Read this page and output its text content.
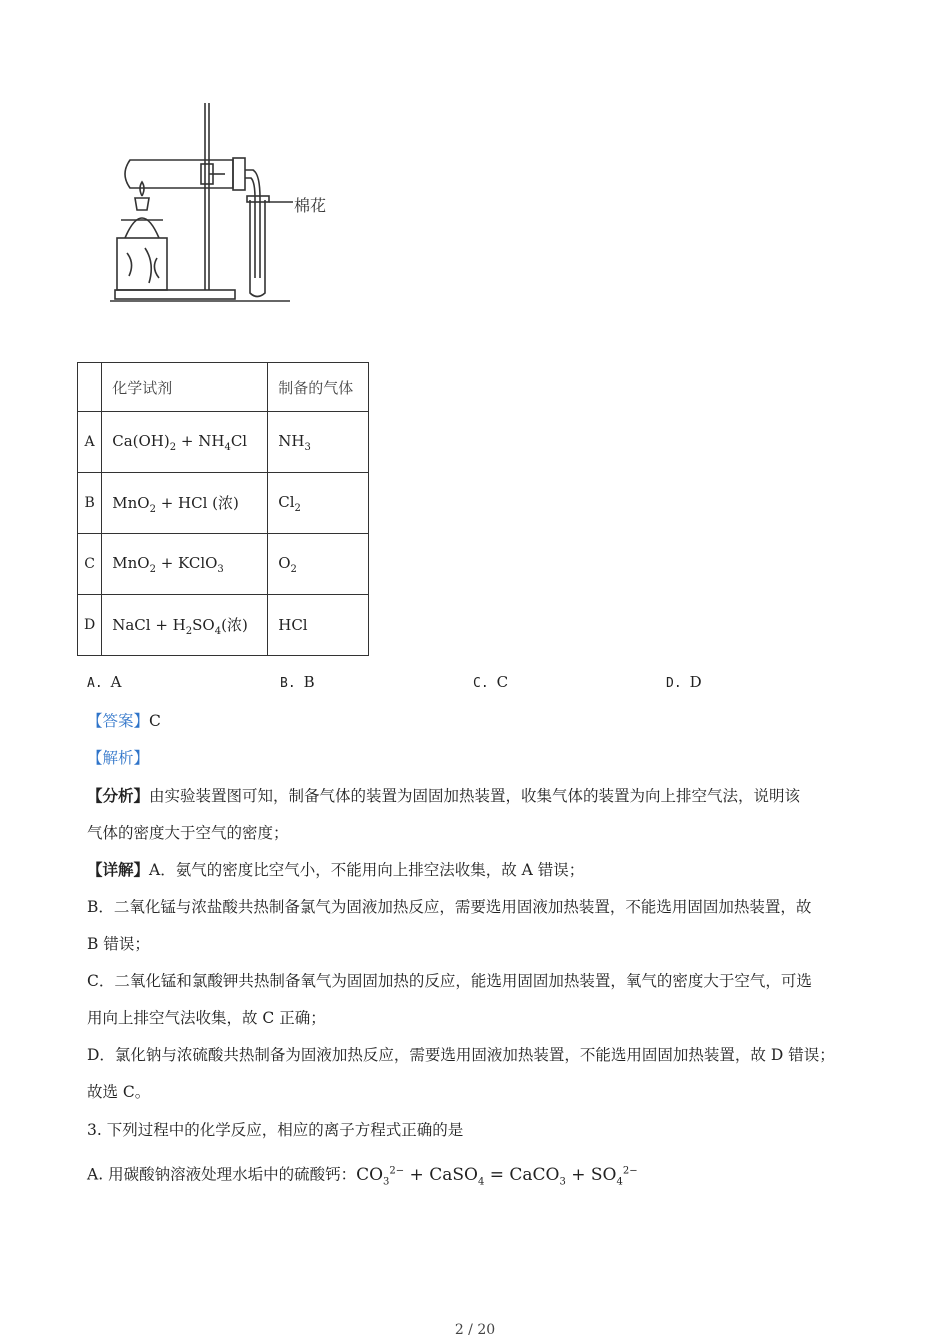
棉花
	化学试剂	制备的气体
A	$Ca(OH)_2 + NH_4Cl$	$NH_3$
B	MnO$_2$ + HCl (浓)	$Cl_2$
C	MnO$_2$ + KClO$_3$	$O_2$
D	NaCl + $H_2SO_4$(浓)	HCl
A. A	B. B	C. C	D. D
【答案】C
【解析】
【分析】由实验装置图可知，制备气体的装置为固固加热装置，收集气体的装置为向上排空气法，说明该
气体的密度大于空气的密度；
【详解】A．氨气的密度比空气小，不能用向上排空法收集，故 A 错误；
B．二氧化锰与浓盐酸共热制备氯气为固液加热反应，需要选用固液加热装置，不能选用固固加热装置，故
B 错误；
C．二氧化锰和氯酸钾共热制备氧气为固固加热的反应，能选用固固加热装置，氧气的密度大于空气，可选
用向上排空气法收集，故 C 正确；
D．氯化钠与浓硫酸共热制备为固液加热反应，需要选用固液加热装置，不能选用固固加热装置，故 D 错误；
故选 C。
3. 下列过程中的化学反应，相应的离子方程式正确的是
A. 用碳酸钠溶液处理水垢中的硫酸钙：$CO_3^{2-}$ + CaSO$_4$ = CaCO$_3$ + $SO_4^{2-}$
2 / 20
